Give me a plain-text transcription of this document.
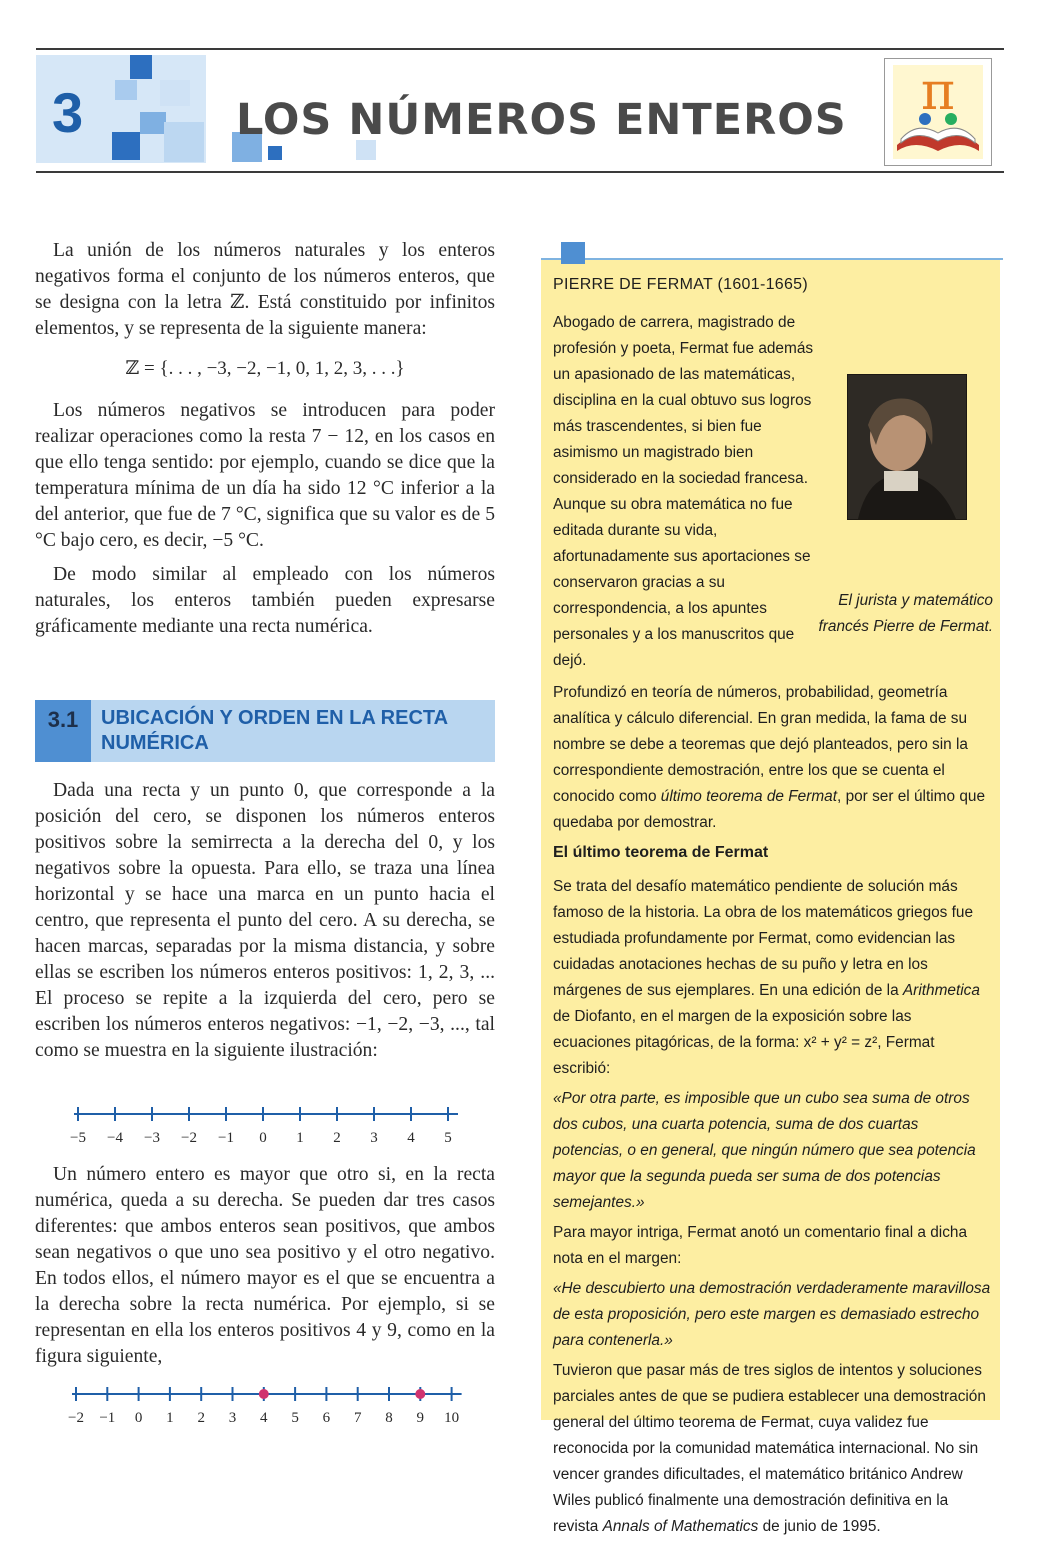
3	LOS NÚMEROS ENTEROS π

La unión de los números naturales y los enteros negativos forma el conjunto de los números enteros, que se designa con la letra ℤ. Está constituido por infinitos elementos, y se representa de la siguiente manera:

ℤ = {. . . , −3, −2, −1, 0, 1, 2, 3, . . .}

Los números negativos se introducen para poder realizar operaciones como la resta 7 − 12, en los casos en que ello tenga sentido: por ejemplo, cuando se dice que la temperatura mínima de un día ha sido 12 °C inferior a la del anterior, que fue de 7 °C, significa que su valor es de 5 °C bajo cero, es decir, −5 °C.

De modo similar al empleado con los números naturales, los enteros también pueden expresarse gráficamente mediante una recta numérica.

3.1	UBICACIÓN Y ORDEN EN LA RECTA NUMÉRICA

Dada una recta y un punto 0, que corresponde a la posición del cero, se disponen los números enteros positivos sobre la semirrecta a la derecha del 0, y los negativos sobre la opuesta. Para ello, se traza una línea horizontal y se hace una marca en un punto hacia el centro, que representa el punto del cero. A su derecha, se hacen marcas, separadas por la misma distancia, y sobre ellas se escriben los números enteros positivos: 1, 2, 3, ... El proceso se repite a la izquierda del cero, pero se escriben los números enteros negativos: −1, −2, −3, ..., tal como se muestra en la siguiente ilustración:

−5 −4 −3 −2 −1 0 1 2 3 4 5

Un número entero es mayor que otro si, en la recta numérica, queda a su derecha. Se pueden dar tres casos diferentes: que ambos enteros sean positivos, que ambos sean negativos o que uno sea positivo y el otro negativo. En todos ellos, el número mayor es el que se encuentra a la derecha sobre la recta numérica. Por ejemplo, si se representan en ella los enteros positivos 4 y 9, como en la figura siguiente,

−2 −1 0 1 2 3 4 5 6 7 8 9 10

PIERRE DE FERMAT (1601-1665)

Abogado de carrera, magistrado de profesión y poeta, Fermat fue además un apasionado de las matemáticas, disciplina en la cual obtuvo sus logros más trascendentes, si bien fue asimismo un magistrado bien considerado en la sociedad francesa. Aunque su obra matemática no fue editada durante su vida, afortunadamente sus aportaciones se conservaron gracias a su correspondencia, a los apuntes personales y a los manuscritos que dejó.

El jurista y matemático francés Pierre de Fermat.

Profundizó en teoría de números, probabilidad, geometría analítica y cálculo diferencial. En gran medida, la fama de su nombre se debe a teoremas que dejó planteados, pero sin la correspondiente demostración, entre los que se cuenta el conocido como último teorema de Fermat, por ser el último que quedaba por demostrar.

El último teorema de Fermat

Se trata del desafío matemático pendiente de solución más famoso de la historia. La obra de los matemáticos griegos fue estudiada profundamente por Fermat, como evidencian las cuidadas anotaciones hechas de su puño y letra en los márgenes de sus ejemplares. En una edición de la Arithmetica de Diofanto, en el margen de la exposición sobre las ecuaciones pitagóricas, de la forma: x² + y² = z², Fermat escribió:

«Por otra parte, es imposible que un cubo sea suma de otros dos cubos, una cuarta potencia, suma de dos cuartas potencias, o en general, que ningún número que sea potencia mayor que la segunda pueda ser suma de dos potencias semejantes.»

Para mayor intriga, Fermat anotó un comentario final a dicha nota en el margen:

«He descubierto una demostración verdaderamente maravillosa de esta proposición, pero este margen es demasiado estrecho para contenerla.»

Tuvieron que pasar más de tres siglos de intentos y soluciones parciales antes de que se pudiera establecer una demostración general del último teorema de Fermat, cuya validez fue reconocida por la comunidad matemática internacional. No sin vencer grandes dificultades, el matemático británico Andrew Wiles publicó finalmente una demostración definitiva en la revista Annals of Mathematics de junio de 1995.
